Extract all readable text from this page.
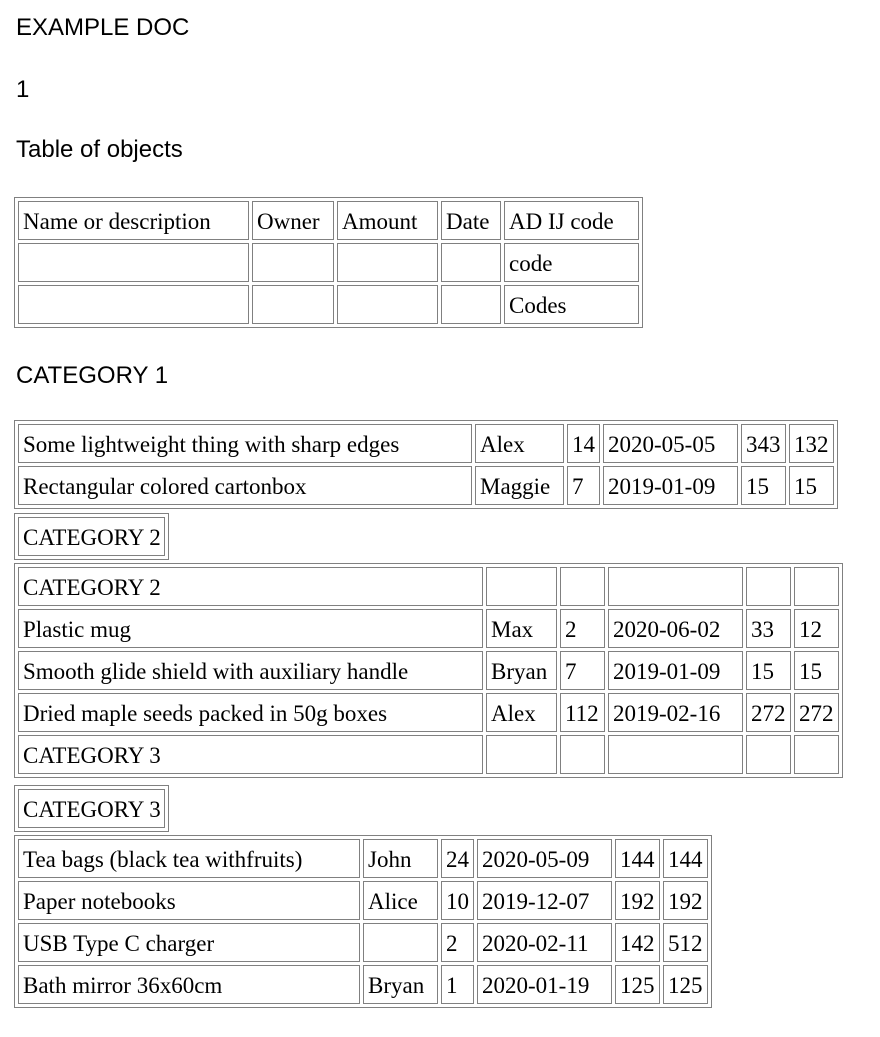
EXAMPLE DOC
1
Table of objects
Name or description	Owner	Amount	Date	AD IJ code
				code
				Codes
CATEGORY 1
Some lightweight thing with sharp edges	Alex	14	2020-05-05	343	132
Rectangular colored cartonbox	Maggie	7	2019-01-09	15	15
CATEGORY 2
CATEGORY 2					
Plastic mug	Max	2	2020-06-02	33	12
Smooth glide shield with auxiliary handle	Bryan	7	2019-01-09	15	15
Dried maple seeds packed in 50g boxes	Alex	112	2019-02-16	272	272
CATEGORY 3					
CATEGORY 3
Tea bags (black tea withfruits)	John	24	2020-05-09	144	144
Paper notebooks	Alice	10	2019-12-07	192	192
USB Type C charger		2	2020-02-11	142	512
Bath mirror 36x60cm	Bryan	1	2020-01-19	125	125
